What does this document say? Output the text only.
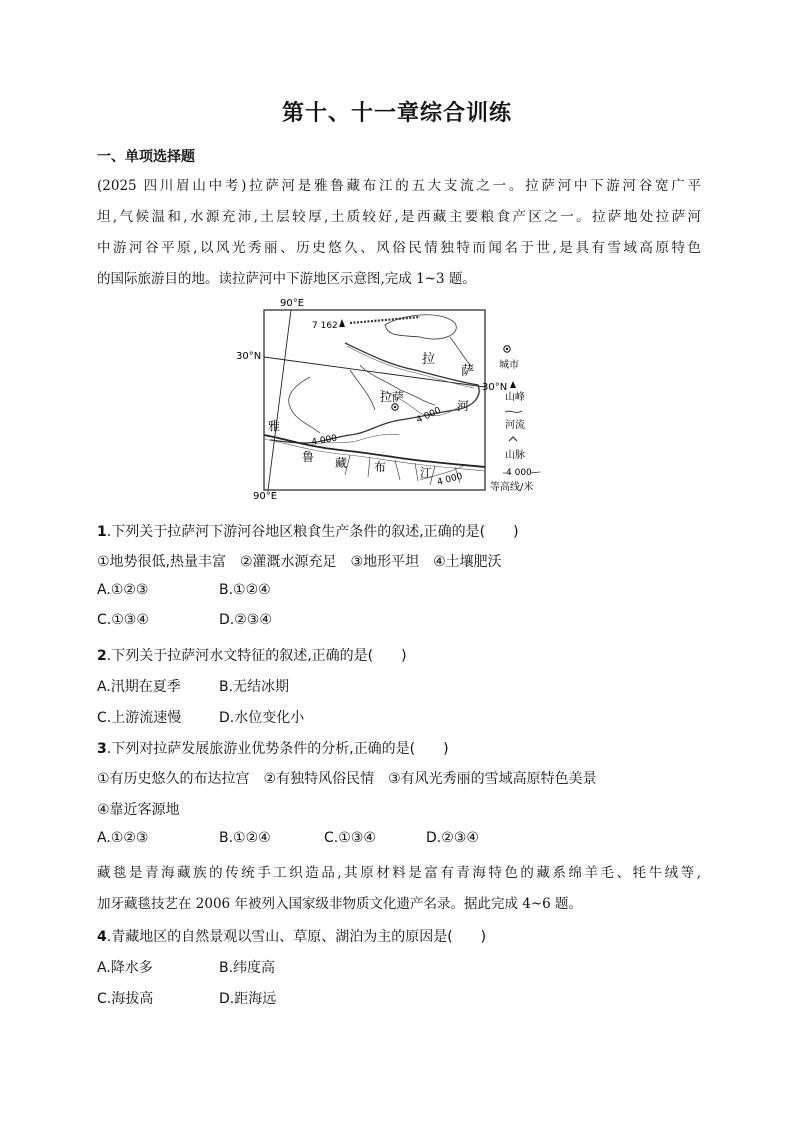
第十、十一章综合训练
一、单项选择题
(2025 四川眉山中考)拉萨河是雅鲁藏布江的五大支流之一。拉萨河中下游河谷宽广平
坦,气候温和,水源充沛,土层较厚,土质较好,是西藏主要粮食产区之一。拉萨地处拉萨河
中游河谷平原,以风光秀丽、历史悠久、风俗民情独特而闻名于世,是具有雪域高原特色
的国际旅游目的地。读拉萨河中下游地区示意图,完成 1~3 题。
90°E
90°E
30°N
30°N
7 162
拉萨
拉
萨
河
雅
鲁 藏 布	江
4 000
4 000
4 000
城市
山峰
河流
山脉
4 000
等高线/米
1.下列关于拉萨河下游河谷地区粮食生产条件的叙述,正确的是(　　)
①地势很低,热量丰富　②灌溉水源充足　③地形平坦　④土壤肥沃
A.①②③	B.①②④
C.①③④	D.②③④
2.下列关于拉萨河水文特征的叙述,正确的是(　　)
A.汛期在夏季	B.无结冰期
C.上游流速慢	D.水位变化小
3.下列对拉萨发展旅游业优势条件的分析,正确的是(　　)
①有历史悠久的布达拉宫　②有独特风俗民情　③有风光秀丽的雪域高原特色美景
④靠近客源地
A.①②③	B.①②④	C.①③④	D.②③④
藏毯是青海藏族的传统手工织造品,其原材料是富有青海特色的藏系绵羊毛、牦牛绒等,
加牙藏毯技艺在 2006 年被列入国家级非物质文化遗产名录。据此完成 4~6 题。
4.青藏地区的自然景观以雪山、草原、湖泊为主的原因是(　　)
A.降水多	B.纬度高
C.海拔高	D.距海远
